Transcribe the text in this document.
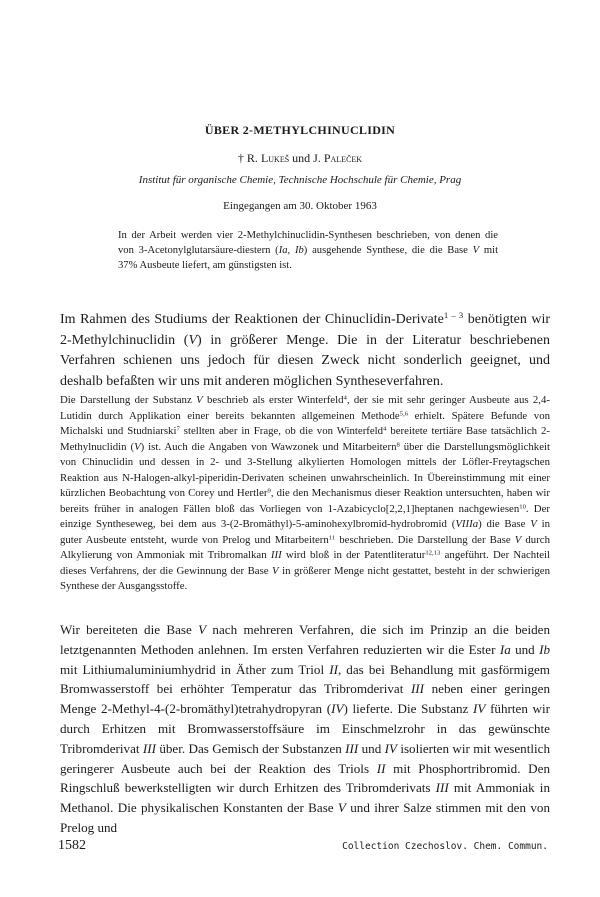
ÜBER 2-METHYLCHINUCLIDIN
† R. Lukeš und J. Paleček
Institut für organische Chemie, Technische Hochschule für Chemie, Prag
Eingegangen am 30. Oktober 1963
In der Arbeit werden vier 2-Methylchinuclidin-Synthesen beschrieben, von denen die von 3-Acetonylglutarsäure-diestern (Ia, Ib) ausgehende Synthese, die die Base V mit 37% Ausbeute liefert, am günstigsten ist.
Im Rahmen des Studiums der Reaktionen der Chinuclidin-Derivate$^{1 - 3}$ benötigten wir 2-Methylchinuclidin (V) in größerer Menge. Die in der Literatur beschriebenen Verfahren schienen uns jedoch für diesen Zweck nicht sonderlich geeignet, und deshalb befaßten wir uns mit anderen möglichen Syntheseverfahren.
Die Darstellung der Substanz V beschrieb als erster Winterfeld$^4$, der sie mit sehr geringer Ausbeute aus 2,4-Lutidin durch Applikation einer bereits bekannten allgemeinen Methode$^{5,6}$ erhielt. Spätere Befunde von Michalski und Studniarski$^7$ stellten aber in Frage, ob die von Winterfeld$^4$ bereitete tertiäre Base tatsächlich 2-Methylnuclidin (V) ist. Auch die Angaben von Wawzonek und Mitarbeitern$^8$ über die Darstellungsmöglichkeit von Chinuclidin und dessen in 2- und 3-Stellung alkylierten Homologen mittels der Löfler-Freytagschen Reaktion aus N-Halogen-alkyl-piperidin-Derivaten scheinen unwahrscheinlich. In Übereinstimmung mit einer kürzlichen Beobachtung von Corey und Hertler$^9$, die den Mechanismus dieser Reaktion untersuchten, haben wir bereits früher in analogen Fällen bloß das Vorliegen von 1-Azabicyclo[2,2,1]heptanen nachgewiesen$^{10}$. Der einzige Syntheseweg, bei dem aus 3-(2-Bromäthyl)-5-aminohexylbromid-hydrobromid (VIIIa) die Base V in guter Ausbeute entsteht, wurde von Prelog und Mitarbeitern$^{11}$ beschrieben. Die Darstellung der Base V durch Alkylierung von Ammoniak mit Tribromalkan III wird bloß in der Patentliteratur$^{12,13}$ angeführt. Der Nachteil dieses Verfahrens, der die Gewinnung der Base V in größerer Menge nicht gestattet, besteht in der schwierigen Synthese der Ausgangsstoffe.
Wir bereiteten die Base V nach mehreren Verfahren, die sich im Prinzip an die beiden letztgenannten Methoden anlehnen. Im ersten Verfahren reduzierten wir die Ester Ia und Ib mit Lithiumaluminiumhydrid in Äther zum Triol II, das bei Behandlung mit gasförmigem Bromwasserstoff bei erhöhter Temperatur das Tribromderivat III neben einer geringen Menge 2-Methyl-4-(2-bromäthyl)tetrahydropyran (IV) lieferte. Die Substanz IV führten wir durch Erhitzen mit Bromwasserstoffsäure im Einschmelzrohr in das gewünschte Tribromderivat III über. Das Gemisch der Substanzen III und IV isolierten wir mit wesentlich geringerer Ausbeute auch bei der Reaktion des Triols II mit Phosphortribromid. Den Ringschluß bewerkstelligten wir durch Erhitzen des Tribromderivats III mit Ammoniak in Methanol. Die physikalischen Konstanten der Base V und ihrer Salze stimmen mit den von Prelog und
1582	Collection Czechoslov. Chem. Commun.
